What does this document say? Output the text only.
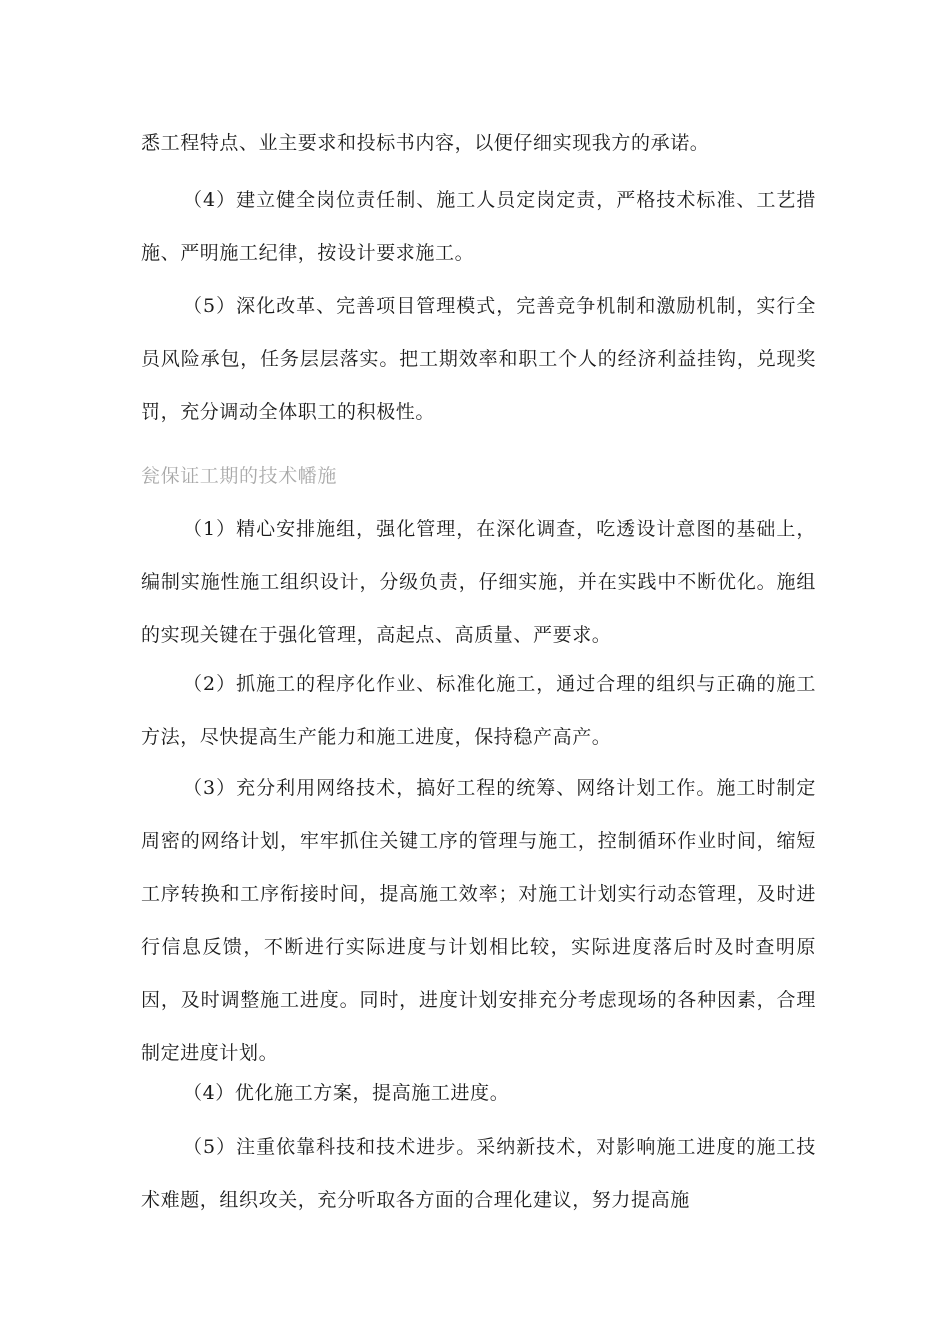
悉工程特点、业主要求和投标书内容，以便仔细实现我方的承诺。

（4）建立健全岗位责任制、施工人员定岗定责，严格技术标准、工艺措施、严明施工纪律，按设计要求施工。

（5）深化改革、完善项目管理模式，完善竞争机制和激励机制，实行全员风险承包，任务层层落实。把工期效率和职工个人的经济利益挂钩，兑现奖罚，充分调动全体职工的积极性。

瓮保证工期的技术幡施

（1）精心安排施组，强化管理，在深化调查，吃透设计意图的基础上，编制实施性施工组织设计，分级负责，仔细实施，并在实践中不断优化。施组的实现关键在于强化管理，高起点、高质量、严要求。

（2）抓施工的程序化作业、标准化施工，通过合理的组织与正确的施工方法，尽快提高生产能力和施工进度，保持稳产高产。

（3）充分利用网络技术，搞好工程的统筹、网络计划工作。施工时制定周密的网络计划，牢牢抓住关键工序的管理与施工，控制循环作业时间，缩短工序转换和工序衔接时间，提高施工效率；对施工计划实行动态管理，及时进行信息反馈，不断进行实际进度与计划相比较，实际进度落后时及时查明原因，及时调整施工进度。同时，进度计划安排充分考虑现场的各种因素，合理制定进度计划。

（4）优化施工方案，提高施工进度。

（5）注重依靠科技和技术进步。采纳新技术，对影响施工进度的施工技术难题，组织攻关，充分听取各方面的合理化建议，努力提高施
